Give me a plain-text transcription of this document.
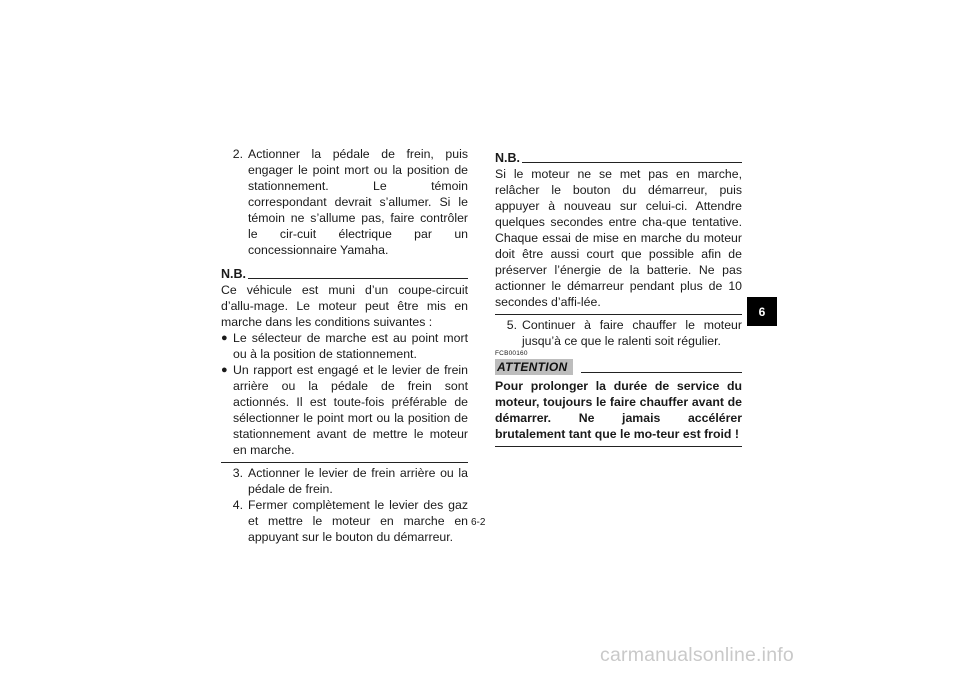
2. Actionner la pédale de frein, puis engager le point mort ou la position de stationnement. Le témoin correspondant devrait s’allumer. Si le témoin ne s’allume pas, faire contrôler le cir-cuit électrique par un concessionnaire Yamaha.
N.B.
Ce véhicule est muni d’un coupe-circuit d’allu-mage. Le moteur peut être mis en marche dans les conditions suivantes :
● Le sélecteur de marche est au point mort ou à la position de stationnement.
● Un rapport est engagé et le levier de frein arrière ou la pédale de frein sont actionnés. Il est toute-fois préférable de sélectionner le point mort ou la position de stationnement avant de mettre le moteur en marche.
3. Actionner le levier de frein arrière ou la pédale de frein.
4. Fermer complètement le levier des gaz et mettre le moteur en marche en appuyant sur le bouton du démarreur.
N.B.
Si le moteur ne se met pas en marche, relâcher le bouton du démarreur, puis appuyer à nouveau sur celui-ci. Attendre quelques secondes entre cha-que tentative. Chaque essai de mise en marche du moteur doit être aussi court que possible afin de préserver l’énergie de la batterie. Ne pas actionner le démarreur pendant plus de 10 secondes d’affi-lée.
5. Continuer à faire chauffer le moteur jusqu’à ce que le ralenti soit régulier.
FCB00160
ATTENTION
Pour prolonger la durée de service du moteur, toujours le faire chauffer avant de démarrer. Ne jamais accélérer brutalement tant que le mo-teur est froid !
6
6-2
carmanualsonline.info
